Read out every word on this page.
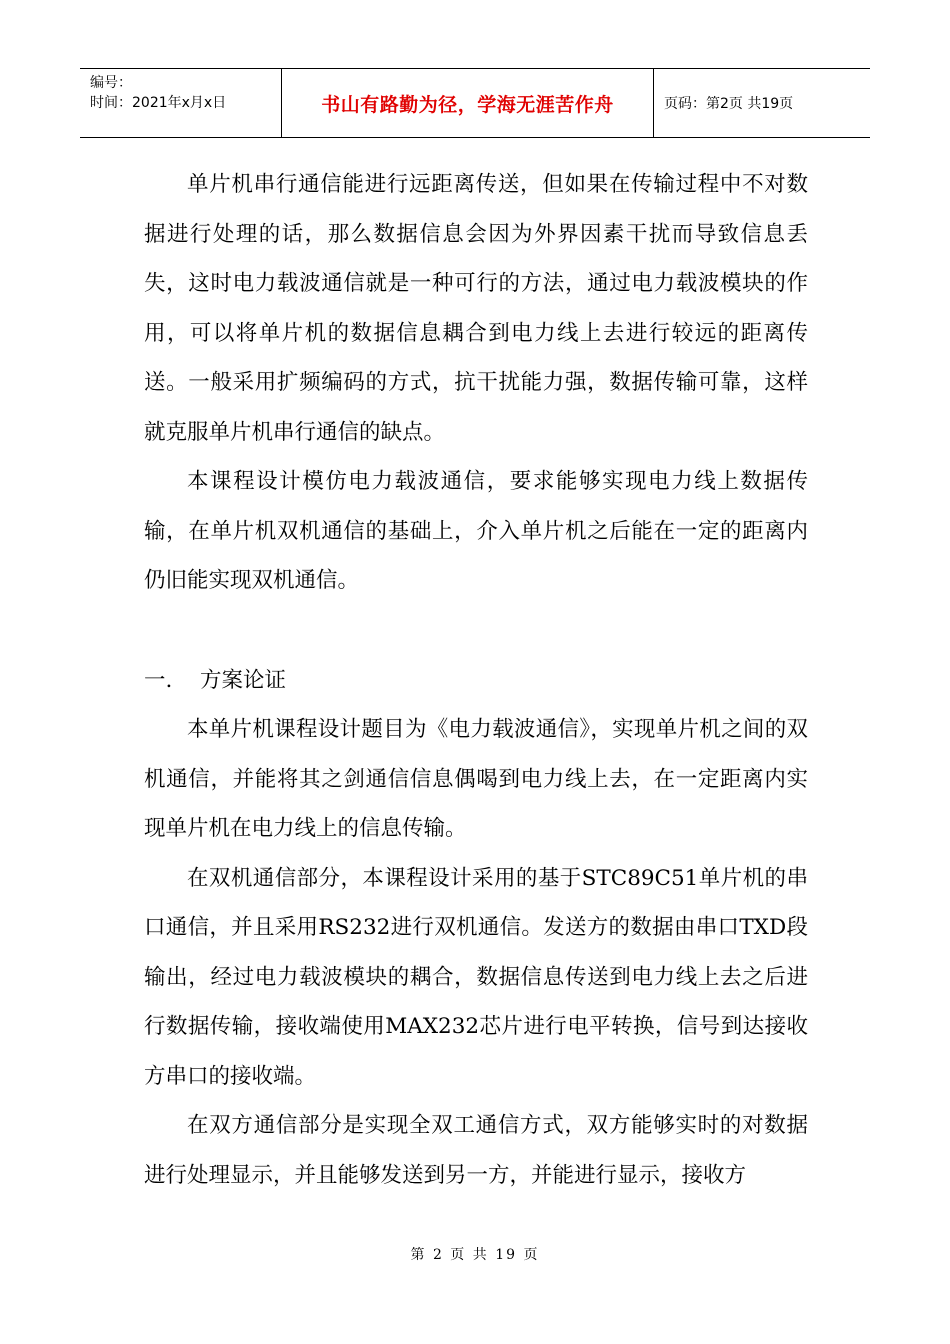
编号：
时间：2021年x月x日	书山有路勤为径，学海无涯苦作舟	页码：第2页 共19页

单片机串行通信能进行远距离传送，但如果在传输过程中不对数据进行处理的话，那么数据信息会因为外界因素干扰而导致信息丢失，这时电力载波通信就是一种可行的方法，通过电力载波模块的作用，可以将单片机的数据信息耦合到电力线上去进行较远的距离传送。一般采用扩频编码的方式，抗干扰能力强，数据传输可靠，这样就克服单片机串行通信的缺点。

本课程设计模仿电力载波通信，要求能够实现电力线上数据传输，在单片机双机通信的基础上，介入单片机之后能在一定的距离内仍旧能实现双机通信。

一.	方案论证

本单片机课程设计题目为《电力载波通信》，实现单片机之间的双机通信，并能将其之剑通信信息偶喝到电力线上去，在一定距离内实现单片机在电力线上的信息传输。

在双机通信部分，本课程设计采用的基于STC89C51单片机的串口通信，并且采用RS232进行双机通信。发送方的数据由串口TXD段输出，经过电力载波模块的耦合，数据信息传送到电力线上去之后进行数据传输，接收端使用MAX232芯片进行电平转换，信号到达接收方串口的接收端。

在双方通信部分是实现全双工通信方式，双方能够实时的对数据进行处理显示，并且能够发送到另一方，并能进行显示，接收方

第 2 页 共 19 页
